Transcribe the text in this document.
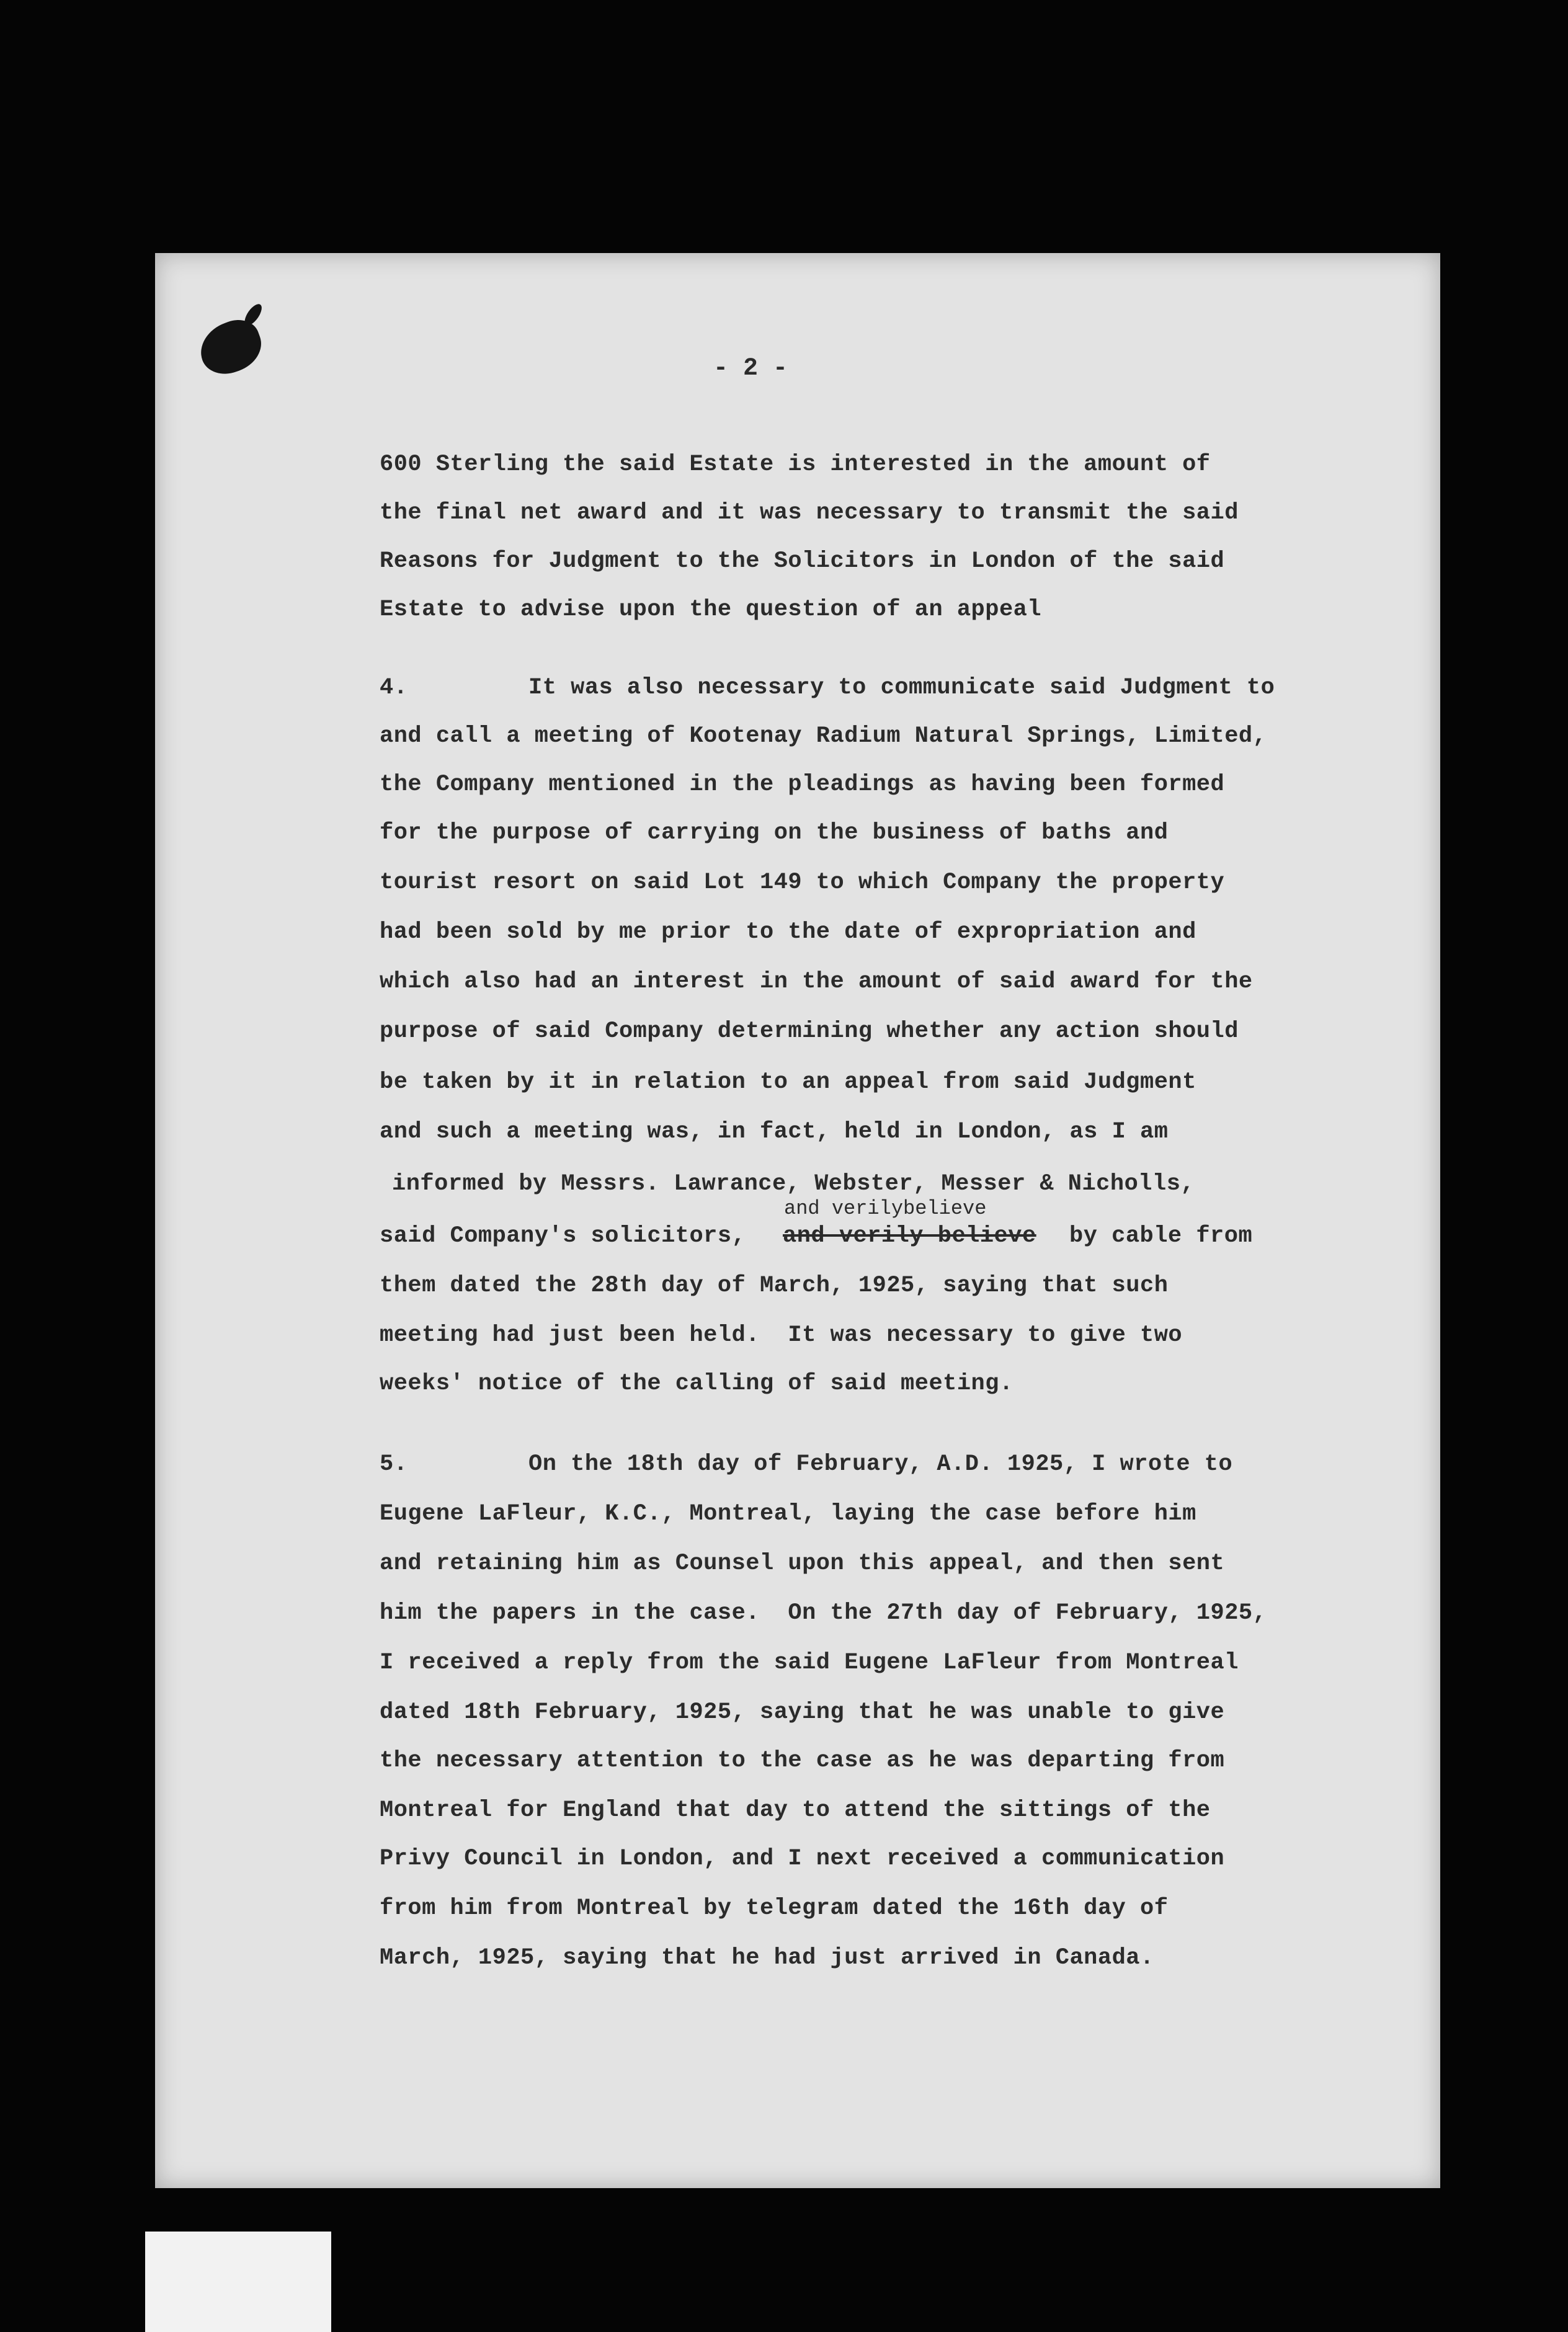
- 2 -
600 Sterling the said Estate is interested in the amount of
the final net award and it was necessary to transmit the said
Reasons for Judgment to the Solicitors in London of the said
Estate to advise upon the question of an appeal
4.	It was also necessary to communicate said Judgment to
and call a meeting of Kootenay Radium Natural Springs, Limited,
the Company mentioned in the pleadings as having been formed
for the purpose of carrying on the business of baths and
tourist resort on said Lot 149 to which Company the property
had been sold by me prior to the date of expropriation and
which also had an interest in the amount of said award for the
purpose of said Company determining whether any action should
be taken by it in relation to an appeal from said Judgment
and such a meeting was, in fact, held in London, as I am
informed by Messrs. Lawrance, Webster, Messer & Nicholls,
and verilybelieve
said Company's solicitors, and verily believe by cable from
them dated the 28th day of March, 1925, saying that such
meeting had just been held.  It was necessary to give two
weeks' notice of the calling of said meeting.
5.	On the 18th day of February, A.D. 1925, I wrote to
Eugene LaFleur, K.C., Montreal, laying the case before him
and retaining him as Counsel upon this appeal, and then sent
him the papers in the case.  On the 27th day of February, 1925,
I received a reply from the said Eugene LaFleur from Montreal
dated 18th February, 1925, saying that he was unable to give
the necessary attention to the case as he was departing from
Montreal for England that day to attend the sittings of the
Privy Council in London, and I next received a communication
from him from Montreal by telegram dated the 16th day of
March, 1925, saying that he had just arrived in Canada.
